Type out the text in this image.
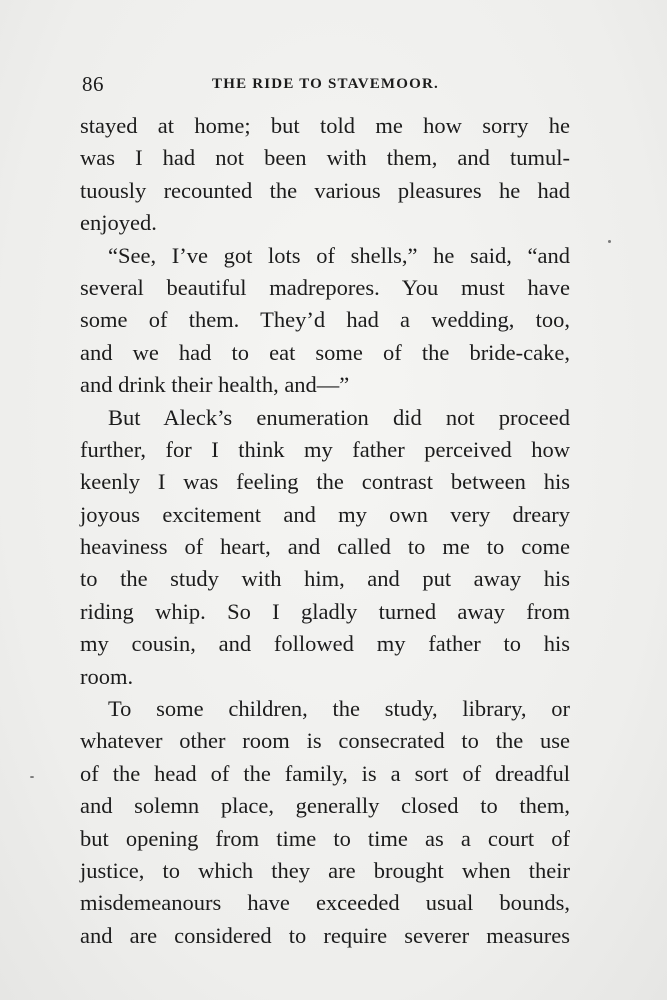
86	THE RIDE TO STAVEMOOR.
stayed at home; but told me how sorry he
was I had not been with them, and tumul-
tuously recounted the various pleasures he had
enjoyed.
“See, I’ve got lots of shells,” he said, “and
several beautiful madrepores. You must have
some of them. They’d had a wedding, too,
and we had to eat some of the bride-cake,
and drink their health, and—”
But Aleck’s enumeration did not proceed
further, for I think my father perceived how
keenly I was feeling the contrast between his
joyous excitement and my own very dreary
heaviness of heart, and called to me to come
to the study with him, and put away his
riding whip. So I gladly turned away from
my cousin, and followed my father to his
room.
To some children, the study, library, or
whatever other room is consecrated to the use
of the head of the family, is a sort of dreadful
and solemn place, generally closed to them,
but opening from time to time as a court of
justice, to which they are brought when their
misdemeanours have exceeded usual bounds,
and are considered to require severer measures
